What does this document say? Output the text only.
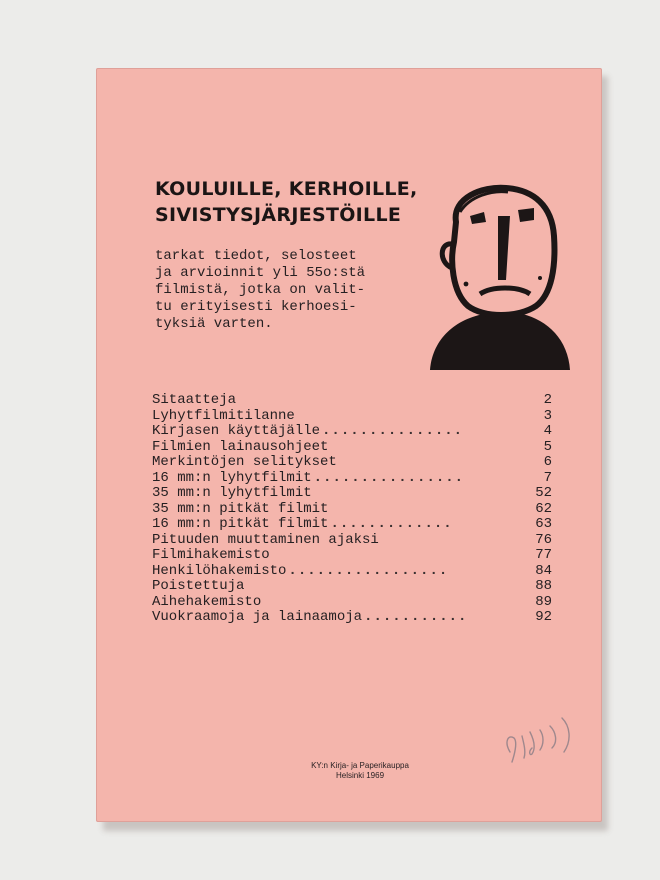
KOULUILLE, KERHOILLE,
SIVISTYSJÄRJESTÖILLE

tarkat tiedot, selosteet
ja arvioinnit yli 55o:stä
filmistä, jotka on valit-
tu erityisesti kerhoesi-
tyksiä varten.

Sitaatteja	2
Lyhytfilmitilanne	3
Kirjasen käyttäjälle ...............	4
Filmien lainausohjeet	5
Merkintöjen selitykset	6
16 mm:n lyhytfilmit ................	7
35 mm:n lyhytfilmit	52
35 mm:n pitkät filmit	62
16 mm:n pitkät filmit .............	63
Pituuden muuttaminen ajaksi	76
Filmihakemisto	77
Henkilöhakemisto .................	84
Poistettuja	88
Aihehakemisto	89
Vuokraamoja ja lainaamoja ...........	92

KY:n Kirja- ja Paperikauppa
Helsinki 1969
